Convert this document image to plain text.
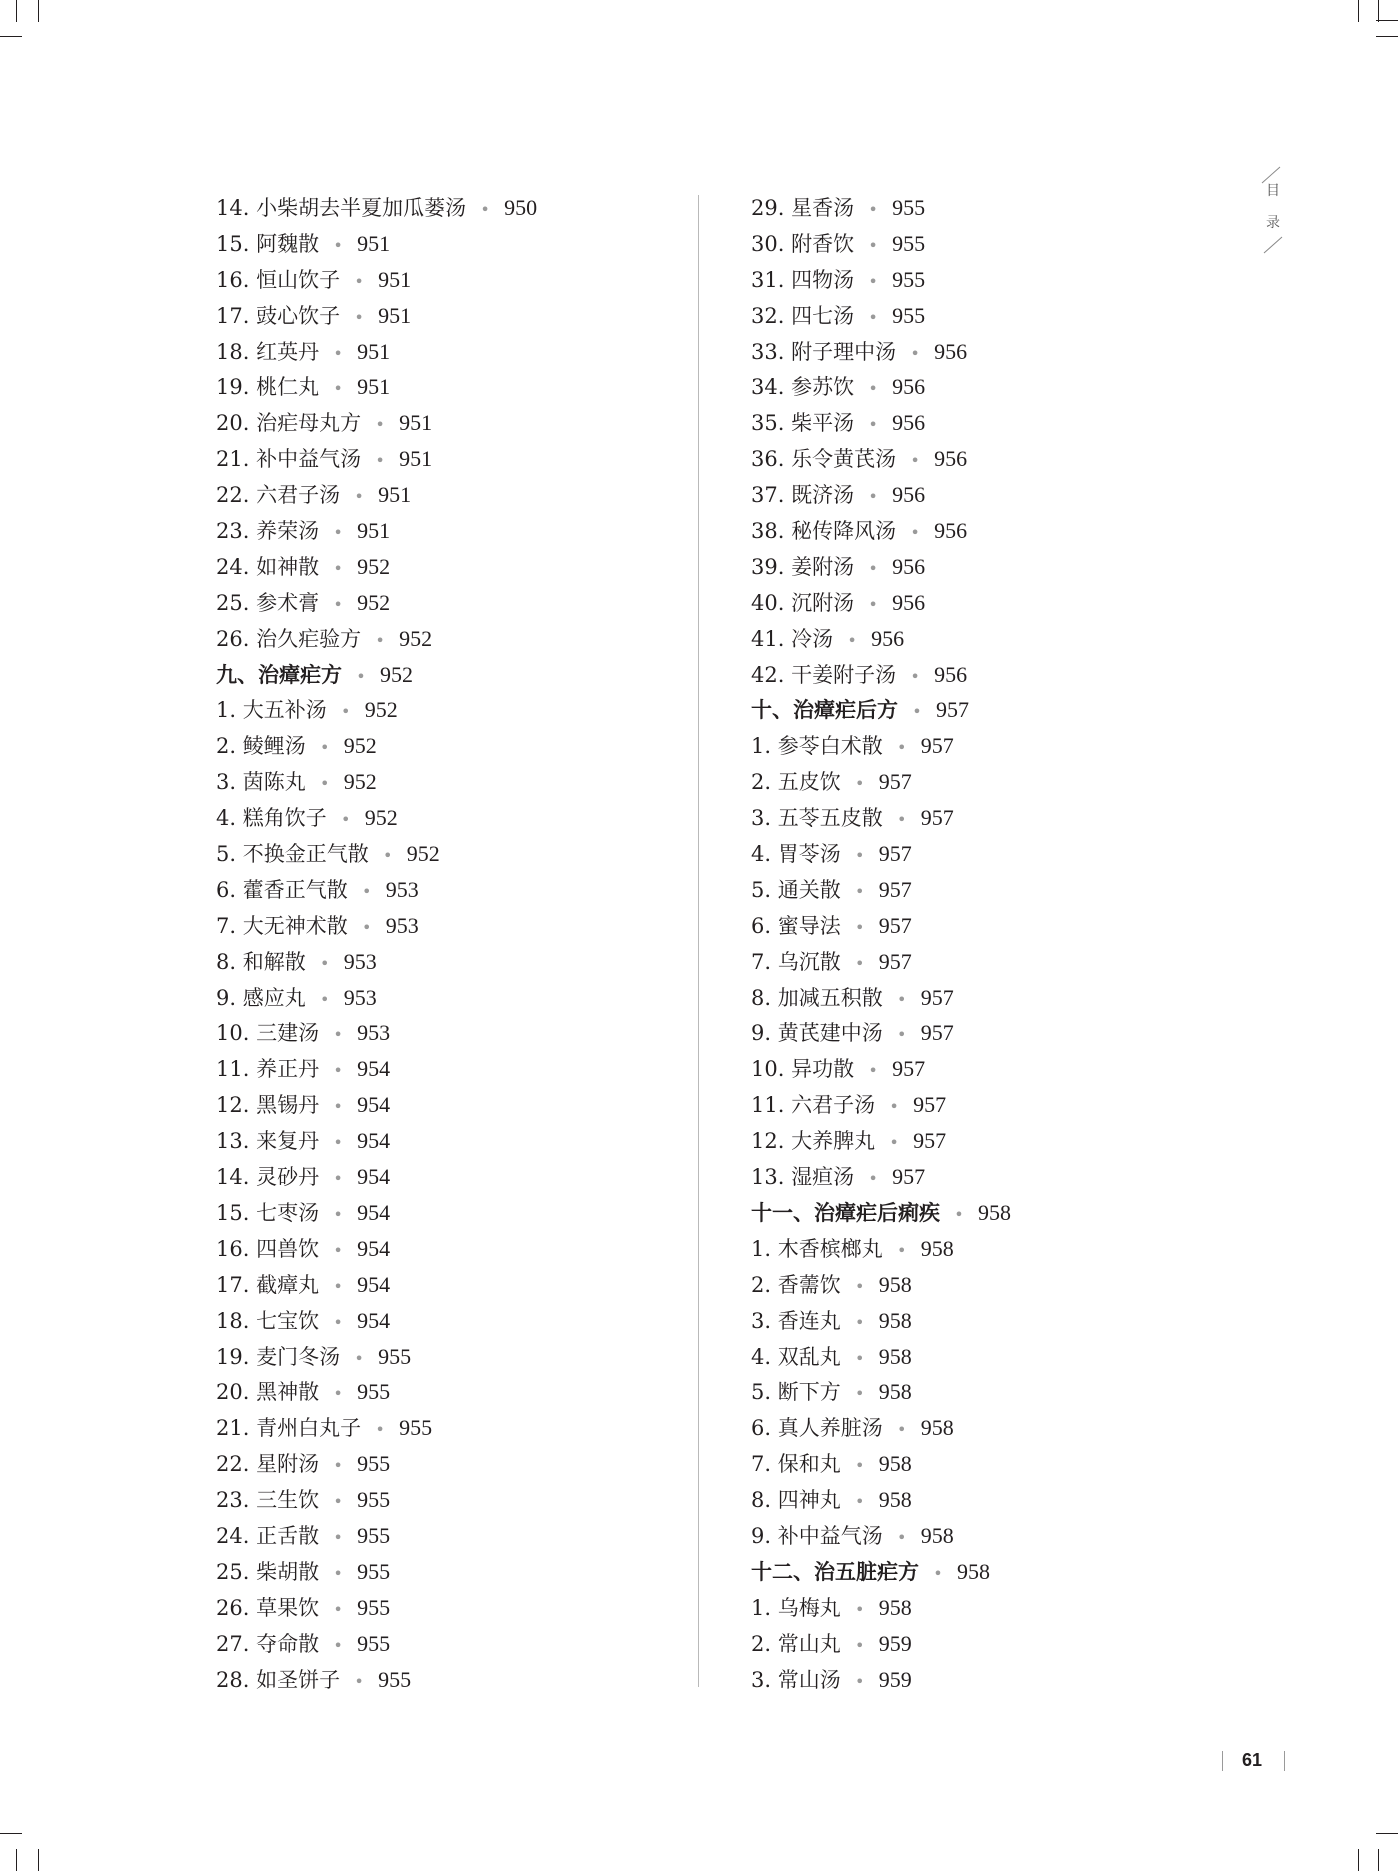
目
录
14. 小柴胡去半夏加瓜蒌汤 • 950
15. 阿魏散 • 951
16. 恒山饮子 • 951
17. 豉心饮子 • 951
18. 红英丹 • 951
19. 桃仁丸 • 951
20. 治疟母丸方 • 951
21. 补中益气汤 • 951
22. 六君子汤 • 951
23. 养荣汤 • 951
24. 如神散 • 952
25. 参术膏 • 952
26. 治久疟验方 • 952
九、治瘴疟方 • 952
1. 大五补汤 • 952
2. 鲮鲤汤 • 952
3. 茵陈丸 • 952
4. 糕角饮子 • 952
5. 不换金正气散 • 952
6. 藿香正气散 • 953
7. 大无神术散 • 953
8. 和解散 • 953
9. 感应丸 • 953
10. 三建汤 • 953
11. 养正丹 • 954
12. 黑锡丹 • 954
13. 来复丹 • 954
14. 灵砂丹 • 954
15. 七枣汤 • 954
16. 四兽饮 • 954
17. 截瘴丸 • 954
18. 七宝饮 • 954
19. 麦门冬汤 • 955
20. 黑神散 • 955
21. 青州白丸子 • 955
22. 星附汤 • 955
23. 三生饮 • 955
24. 正舌散 • 955
25. 柴胡散 • 955
26. 草果饮 • 955
27. 夺命散 • 955
28. 如圣饼子 • 955
29. 星香汤 • 955
30. 附香饮 • 955
31. 四物汤 • 955
32. 四七汤 • 955
33. 附子理中汤 • 956
34. 参苏饮 • 956
35. 柴平汤 • 956
36. 乐令黄芪汤 • 956
37. 既济汤 • 956
38. 秘传降风汤 • 956
39. 姜附汤 • 956
40. 沉附汤 • 956
41. 冷汤 • 956
42. 干姜附子汤 • 956
十、治瘴疟后方 • 957
1. 参苓白术散 • 957
2. 五皮饮 • 957
3. 五苓五皮散 • 957
4. 胃苓汤 • 957
5. 通关散 • 957
6. 蜜导法 • 957
7. 乌沉散 • 957
8. 加减五积散 • 957
9. 黄芪建中汤 • 957
10. 异功散 • 957
11. 六君子汤 • 957
12. 大养脾丸 • 957
13. 湿疸汤 • 957
十一、治瘴疟后痢疾 • 958
1. 木香槟榔丸 • 958
2. 香薷饮 • 958
3. 香连丸 • 958
4. 双乱丸 • 958
5. 断下方 • 958
6. 真人养脏汤 • 958
7. 保和丸 • 958
8. 四神丸 • 958
9. 补中益气汤 • 958
十二、治五脏疟方 • 958
1. 乌梅丸 • 958
2. 常山丸 • 959
3. 常山汤 • 959
61
